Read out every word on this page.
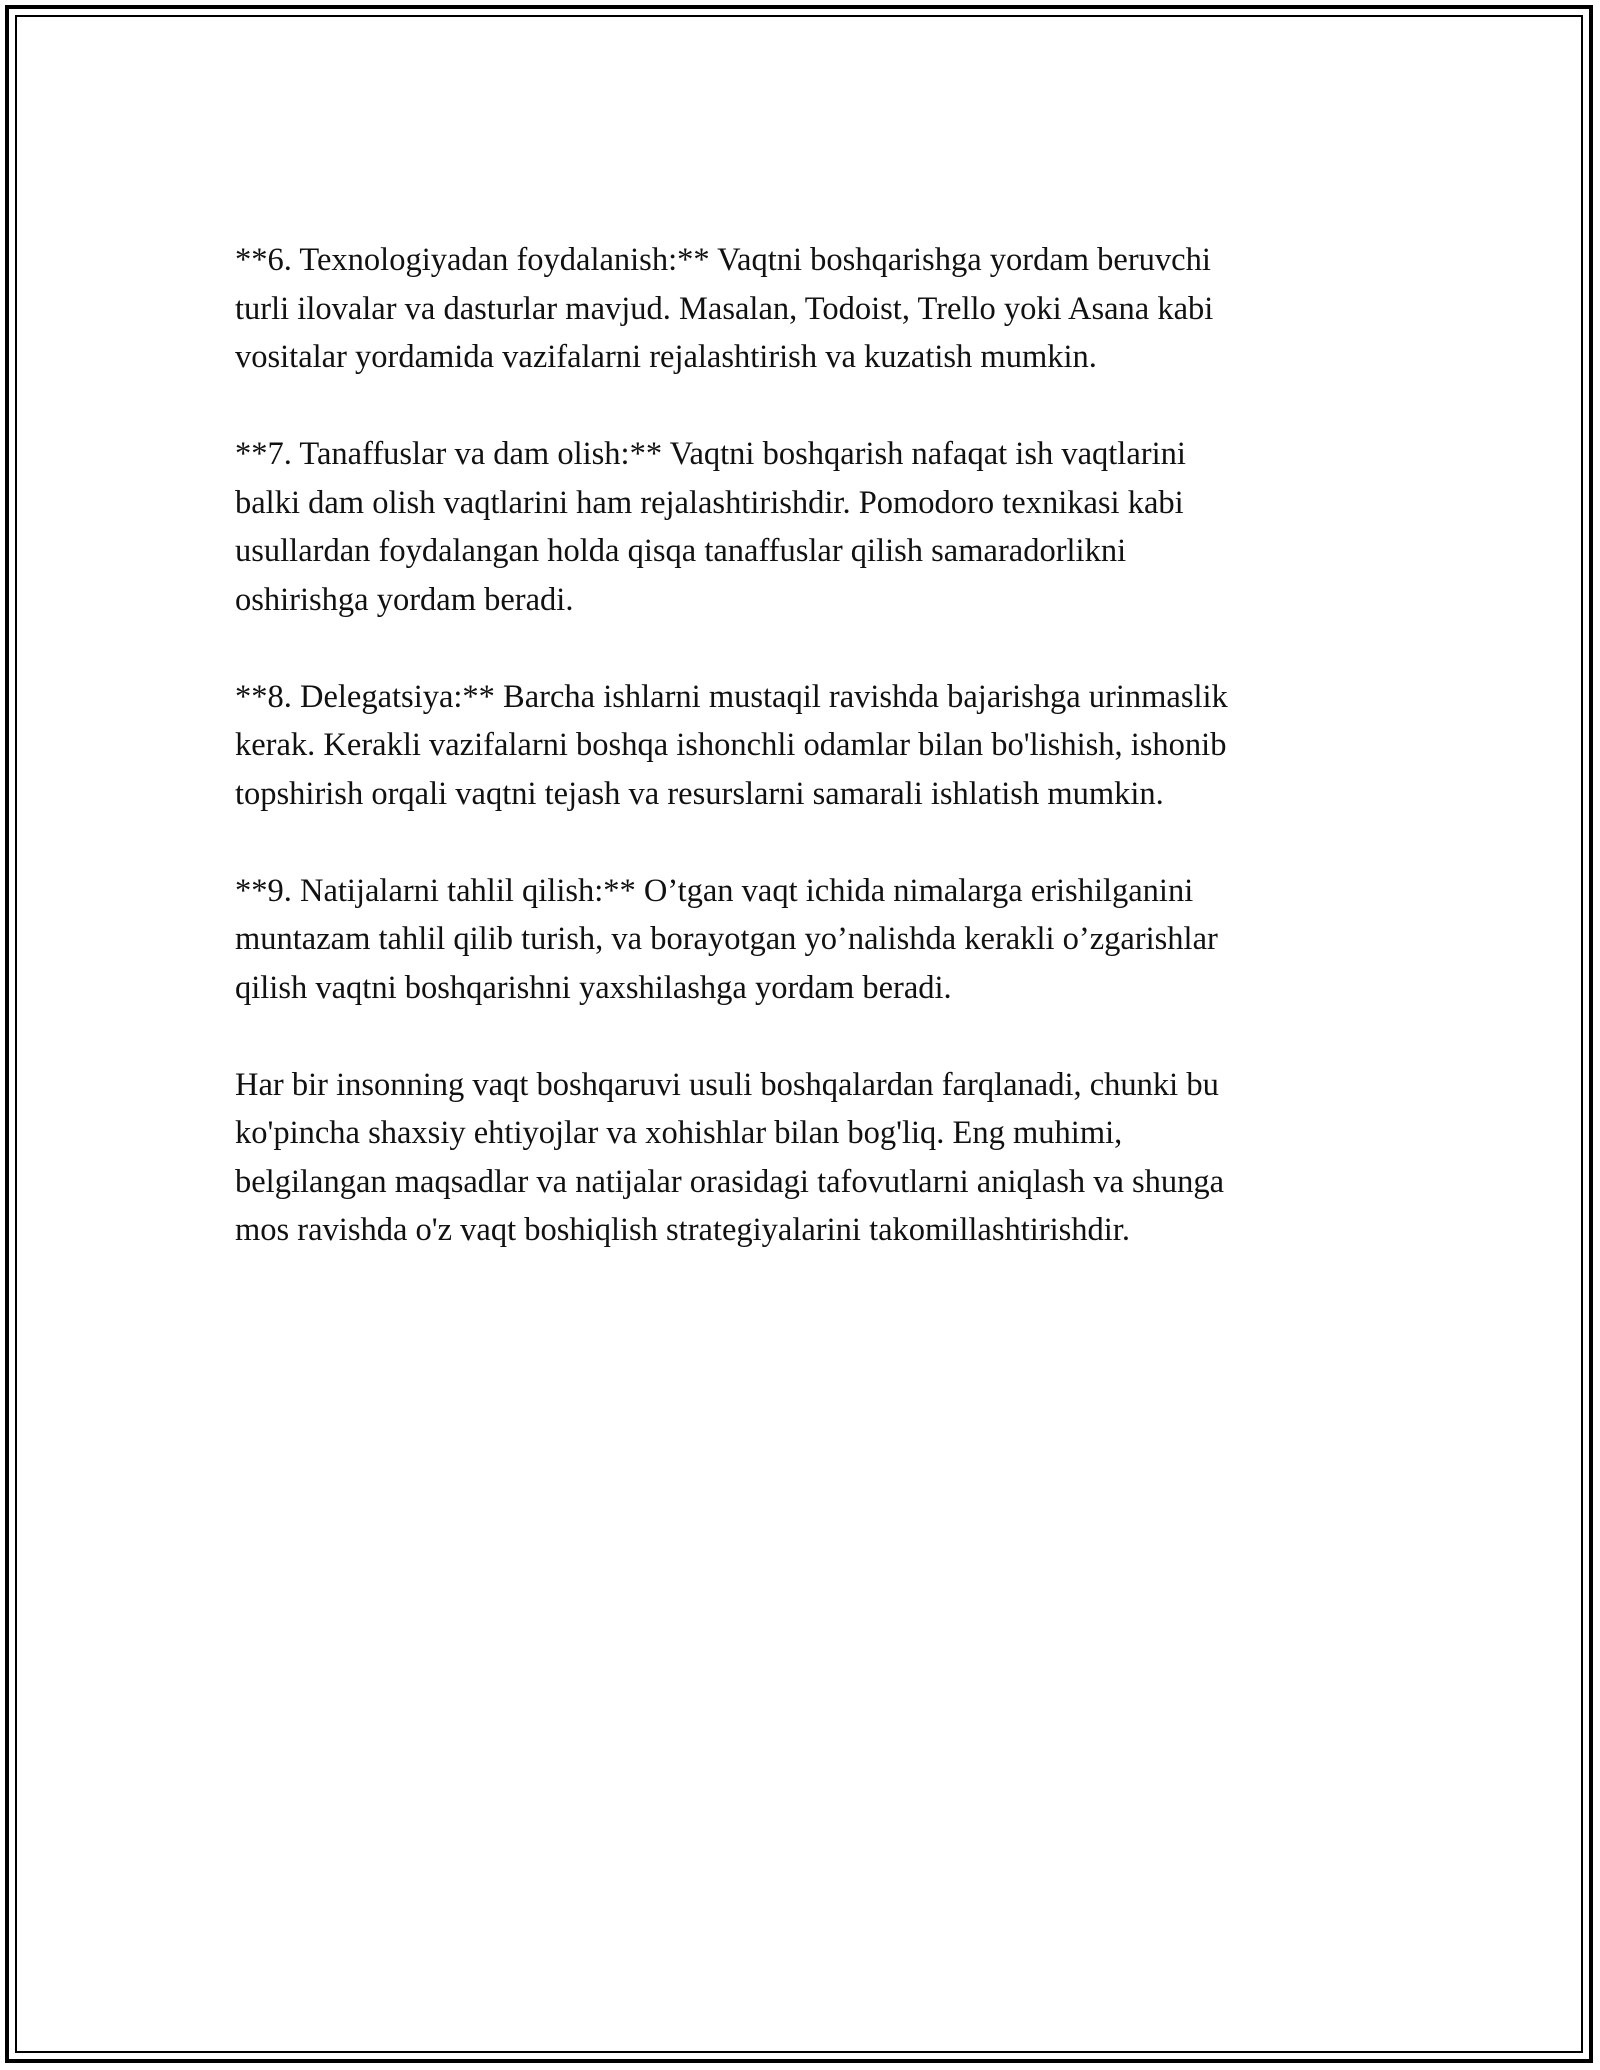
**6. Texnologiyadan foydalanish:** Vaqtni boshqarishga yordam beruvchi
turli ilovalar va dasturlar mavjud. Masalan, Todoist, Trello yoki Asana kabi
vositalar yordamida vazifalarni rejalashtirish va kuzatish mumkin.

**7. Tanaffuslar va dam olish:** Vaqtni boshqarish nafaqat ish vaqtlarini
balki dam olish vaqtlarini ham rejalashtirishdir. Pomodoro texnikasi kabi
usullardan foydalangan holda qisqa tanaffuslar qilish samaradorlikni
oshirishga yordam beradi.

**8. Delegatsiya:** Barcha ishlarni mustaqil ravishda bajarishga urinmaslik
kerak. Kerakli vazifalarni boshqa ishonchli odamlar bilan bo'lishish, ishonib
topshirish orqali vaqtni tejash va resurslarni samarali ishlatish mumkin.

**9. Natijalarni tahlil qilish:** O’tgan vaqt ichida nimalarga erishilganini
muntazam tahlil qilib turish, va borayotgan yo’nalishda kerakli o’zgarishlar
qilish vaqtni boshqarishni yaxshilashga yordam beradi.

Har bir insonning vaqt boshqaruvi usuli boshqalardan farqlanadi, chunki bu
ko'pincha shaxsiy ehtiyojlar va xohishlar bilan bog'liq. Eng muhimi,
belgilangan maqsadlar va natijalar orasidagi tafovutlarni aniqlash va shunga
mos ravishda o'z vaqt boshiqlish strategiyalarini takomillashtirishdir.
